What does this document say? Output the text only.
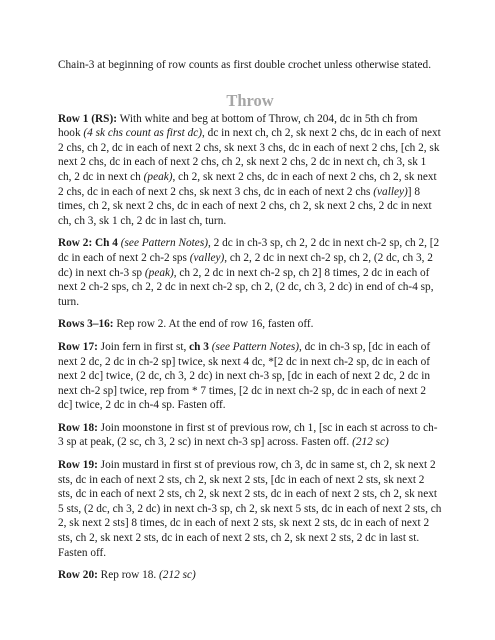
Chain-3 at beginning of row counts as first double crochet unless otherwise stated.

Throw

Row 1 (RS): With white and beg at bottom of Throw, ch 204, dc in 5th ch from hook (4 sk chs count as first dc), dc in next ch, ch 2, sk next 2 chs, dc in each of next 2 chs, ch 2, dc in each of next 2 chs, sk next 3 chs, dc in each of next 2 chs, [ch 2, sk next 2 chs, dc in each of next 2 chs, ch 2, sk next 2 chs, 2 dc in next ch, ch 3, sk 1 ch, 2 dc in next ch (peak), ch 2, sk next 2 chs, dc in each of next 2 chs, ch 2, sk next 2 chs, dc in each of next 2 chs, sk next 3 chs, dc in each of next 2 chs (valley)] 8 times, ch 2, sk next 2 chs, dc in each of next 2 chs, ch 2, sk next 2 chs, 2 dc in next ch, ch 3, sk 1 ch, 2 dc in last ch, turn.

Row 2: Ch 4 (see Pattern Notes), 2 dc in ch-3 sp, ch 2, 2 dc in next ch-2 sp, ch 2, [2 dc in each of next 2 ch-2 sps (valley), ch 2, 2 dc in next ch-2 sp, ch 2, (2 dc, ch 3, 2 dc) in next ch-3 sp (peak), ch 2, 2 dc in next ch-2 sp, ch 2] 8 times, 2 dc in each of next 2 ch-2 sps, ch 2, 2 dc in next ch-2 sp, ch 2, (2 dc, ch 3, 2 dc) in end of ch-4 sp, turn.

Rows 3–16: Rep row 2. At the end of row 16, fasten off.

Row 17: Join fern in first st, ch 3 (see Pattern Notes), dc in ch-3 sp, [dc in each of next 2 dc, 2 dc in ch-2 sp] twice, sk next 4 dc, *[2 dc in next ch-2 sp, dc in each of next 2 dc] twice, (2 dc, ch 3, 2 dc) in next ch-3 sp, [dc in each of next 2 dc, 2 dc in next ch-2 sp] twice, rep from * 7 times, [2 dc in next ch-2 sp, dc in each of next 2 dc] twice, 2 dc in ch-4 sp. Fasten off.

Row 18: Join moonstone in first st of previous row, ch 1, [sc in each st across to ch-3 sp at peak, (2 sc, ch 3, 2 sc) in next ch-3 sp] across. Fasten off. (212 sc)

Row 19: Join mustard in first st of previous row, ch 3, dc in same st, ch 2, sk next 2 sts, dc in each of next 2 sts, ch 2, sk next 2 sts, [dc in each of next 2 sts, sk next 2 sts, dc in each of next 2 sts, ch 2, sk next 2 sts, dc in each of next 2 sts, ch 2, sk next 5 sts, (2 dc, ch 3, 2 dc) in next ch-3 sp, ch 2, sk next 5 sts, dc in each of next 2 sts, ch 2, sk next 2 sts] 8 times, dc in each of next 2 sts, sk next 2 sts, dc in each of next 2 sts, ch 2, sk next 2 sts, dc in each of next 2 sts, ch 2, sk next 2 sts, 2 dc in last st. Fasten off.

Row 20: Rep row 18. (212 sc)
